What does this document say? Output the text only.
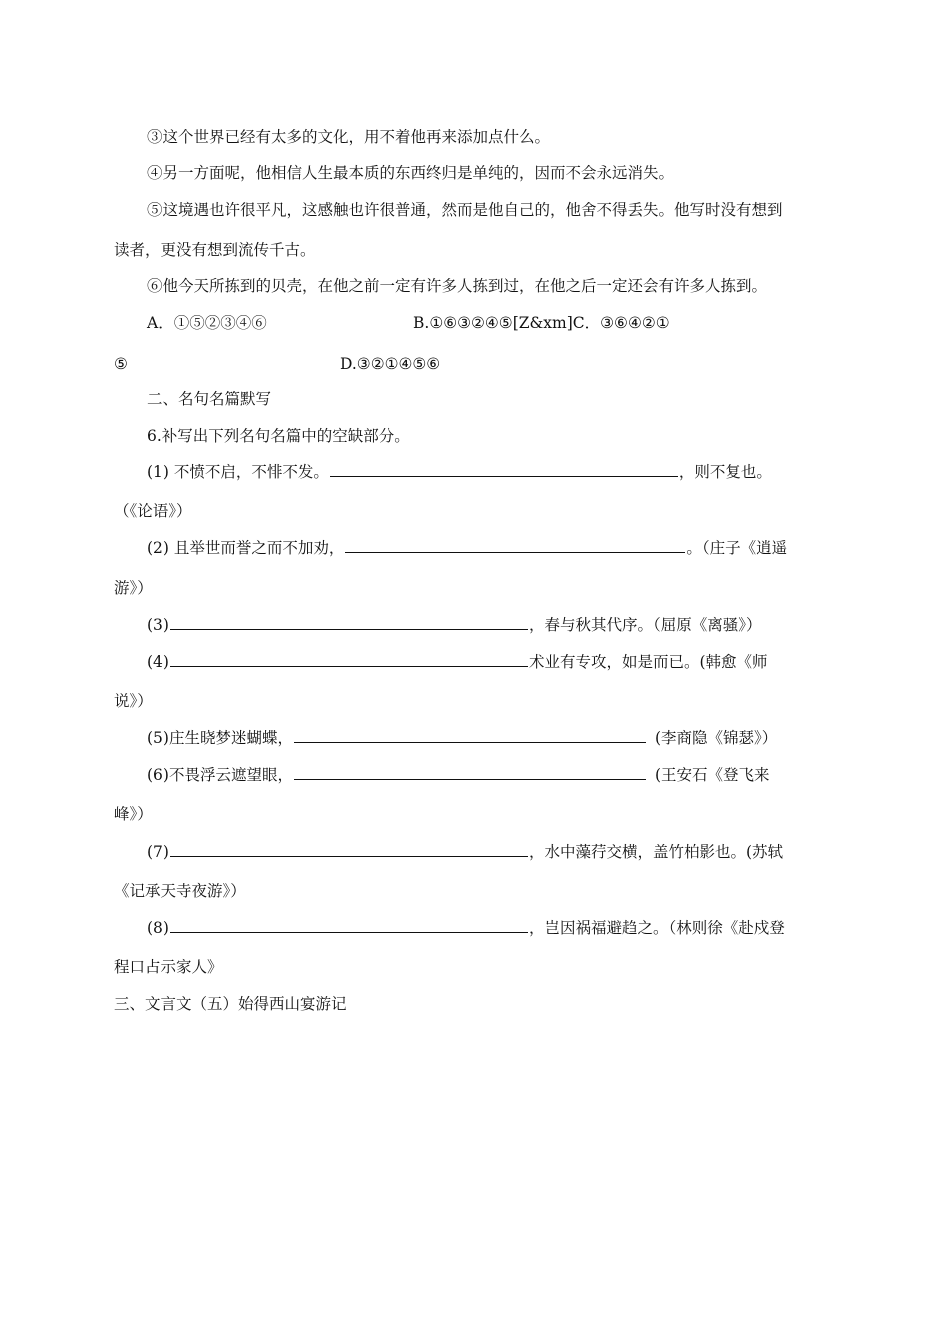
③这个世界已经有太多的文化，用不着他再来添加点什么。
④另一方面呢，他相信人生最本质的东西终归是单纯的，因而不会永远消失。
⑤这境遇也许很平凡，这感触也许很普通，然而是他自己的，他舍不得丢失。他写时没有想到
读者，更没有想到流传千古。
⑥他今天所拣到的贝壳，在他之前一定有许多人拣到过，在他之后一定还会有许多人拣到。
A．①⑤②③④⑥	B.①⑥③②④⑤[Z&xm]C．③⑥④②①
⑤	D.③②①④⑤⑥
二、名句名篇默写
6.补写出下列名句名篇中的空缺部分。
(1) 不愤不启，不悱不发。	，则不复也。
（《论语》）
(2) 且举世而誉之而不加劝，	。（庄子《逍遥
游》）
(3)	，春与秋其代序。（屈原《离骚》）
(4)	术业有专攻，如是而已。(韩愈《师
说》）
(5)庄生晓梦迷蝴蝶，	(李商隐《锦瑟》）
(6)不畏浮云遮望眼，	(王安石《登飞来
峰》）
(7)	，水中藻荇交横，盖竹柏影也。(苏轼
《记承天寺夜游》）
(8)	，岂因祸福避趋之。（林则徐《赴戍登
程口占示家人》
三、文言文（五）始得西山宴游记
